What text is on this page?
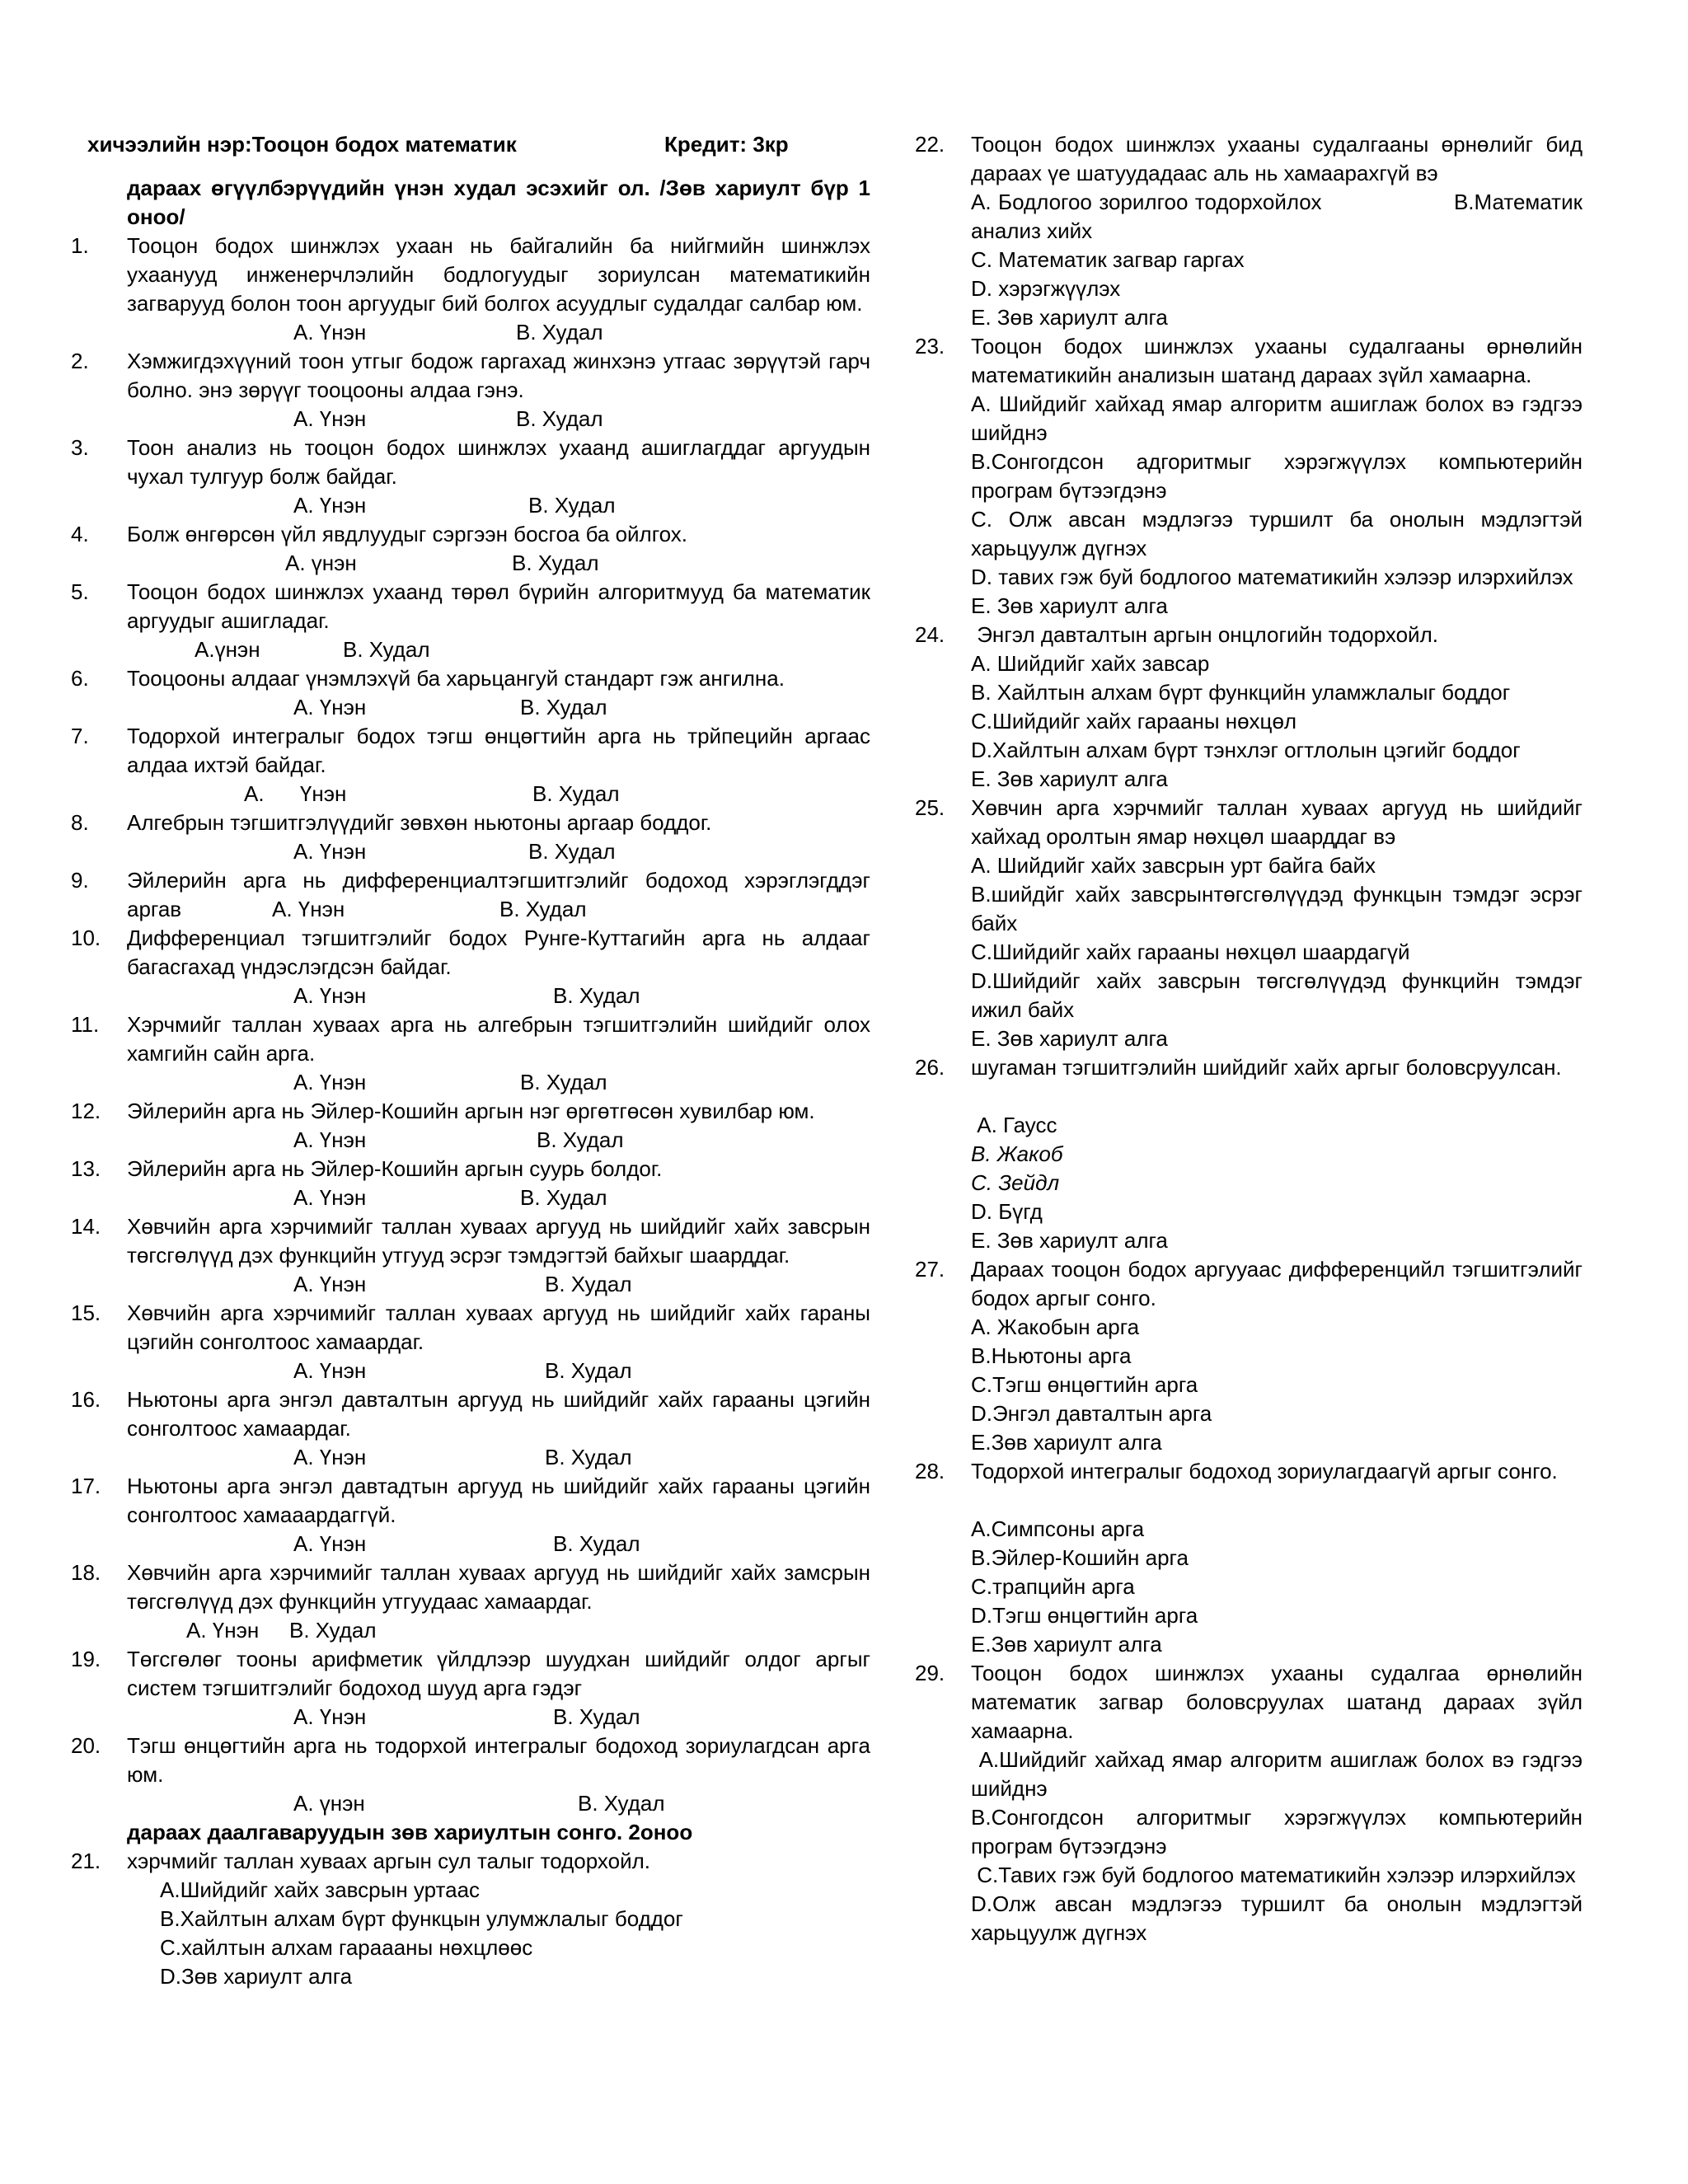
хичээлийн нэр:Тооцон бодох математик	Кредит: 3кр
дараах өгүүлбэрүүдийн үнэн худал эсэхийг ол. /Зөв хариулт бүр 1 оноо/
1.	Тооцон бодох шинжлэх ухаан нь байгалийн ба нийгмийн шинжлэх ухаанууд инженерчлэлийн бодлогуудыг зориулсан математикийн загварууд болон тоон аргуудыг бий болгох асуудлыг судалдаг салбар юм.
A. Үнэн	B. Худал
2.	Хэмжигдэхүүний тоон утгыг бодож гаргахад жинхэнэ утгаас зөрүүтэй гарч болно. энэ зөрүүг тооцооны алдаа гэнэ.
A. Үнэн	B. Худал
3.	Тоон анализ нь тооцон бодох шинжлэх ухаанд ашиглагддаг аргуудын чухал тулгуур болж байдаг.
A. Үнэн	B. Худал
4.	Болж өнгөрсөн үйл явдлуудыг сэргээн босгоа ба ойлгох.
A. үнэн	B. Худал
5.	Тооцон бодох шинжлэх ухаанд төрөл бүрийн алгоритмууд ба математик аргуудыг ашигладаг.
A.үнэн	B. Худал
6.	Тооцооны алдааг үнэмлэхүй ба харьцангуй стандарт гэж ангилна.
A. Үнэн	B. Худал
7.	Тодорхой интегралыг бодох тэгш өнцөгтийн арга нь трйпецийн аргаас алдаа ихтэй байдаг.
A.      Үнэн	B. Худал
8.	Алгебрын тэгшитгэлүүдийг зөвхөн ньютоны аргаар боддог.
A. Үнэн	B. Худал
9.	Эйлерийн арга нь дифференциалтэгшитгэлийг бодоход хэрэглэгддэг аргав	A. Үнэн	B. Худал
10.	Дифференциал тэгшитгэлийг бодох Рунге-Куттагийн арга нь алдааг багасгахад үндэслэгдсэн байдаг.
A. Үнэн	B. Худал
11.	Хэрчмийг таллан хуваах арга нь алгебрын тэгшитгэлийн шийдийг олох хамгийн сайн арга.
A. Үнэн	B. Худал
12.	Эйлерийн арга нь Эйлер-Кошийн аргын нэг өргөтгөсөн хувилбар юм.
A. Үнэн	B. Худал
13.	Эйлерийн арга нь Эйлер-Кошийн аргын суурь болдог.
A. Үнэн	B. Худал
14.	Хөвчийн арга хэрчимийг таллан хуваах аргууд нь шийдийг хайх завсрын төгсгөлүүд дэх функцийн утгууд эсрэг тэмдэгтэй байхыг шаарддаг.
A. Үнэн	B. Худал
15.	Хөвчийн арга хэрчимийг таллан хуваах аргууд нь шийдийг хайх гараны цэгийн сонголтоос хамаардаг.
A. Үнэн	B. Худал
16.	Ньютоны арга энгэл давталтын аргууд нь шийдийг хайх гарааны цэгийн сонголтоос хамаардаг.
A. Үнэн	B. Худал
17.	Ньютоны арга энгэл давтадтын аргууд нь шийдийг хайх гарааны цэгийн сонголтоос хамааардаггүй.
A. Үнэн	B. Худал
18.	Хөвчийн арга хэрчимийг таллан хуваах аргууд нь шийдийг хайх замсрын төгсгөлүүд дэх функцийн утгуудаас хамаардаг.
A. Үнэн B. Худал
19.	Төгсгөлөг тооны арифметик үйлдлээр шуудхан шийдийг олдог аргыг систем тэгшитгэлийг бодоход шууд арга гэдэг
A. Үнэн	B. Худал
20.	Тэгш өнцөгтийн арга нь тодорхой интегралыг бодоход зориулагдсан арга юм.
A. үнэн	B. Худал
дараах даалгаваруудын зөв хариултын сонго. 2оноо
21.	хэрчмийг таллан хуваах аргын сул талыг тодорхойл.
A.Шийдийг хайх завсрын уртаас
B.Хайлтын алхам бүрт функцын улумжлалыг боддог
C.хайлтын алхам гараааны нөхцлөөс
D.Зөв хариулт алга
22.	Тооцон бодох шинжлэх ухааны судалгааны өрнөлийг бид дараах үе шатуудадаас аль нь хамаарахгүй вэ
A. Бодлогоо зорилгоо тодорхойлох                   B.Математик анализ хийх
C. Математик загвар гаргах
D. хэрэгжүүлэх
E. Зөв хариулт алга
23.	Тооцон бодох шинжлэх ухааны судалгааны өрнөлийн математикийн анализын шатанд дараах зүйл хамаарна.
A. Шийдийг хайхад ямар алгоритм ашиглаж болох вэ гэдгээ шийднэ
B.Сонгогдсон адгоритмыг хэрэгжүүлэх компьютерийн програм бүтээгдэнэ
C. Олж авсан мэдлэгээ туршилт ба онолын мэдлэгтэй харьцуулж дүгнэх
D. тавих гэж буй бодлогоо математикийн хэлээр илэрхийлэх
E. Зөв хариулт алга
24.	Энгэл давталтын аргын онцлогийн тодорхойл.
A. Шийдийг хайх завсар
B. Хайлтын алхам бүрт функцийн уламжлалыг боддог
C.Шийдийг хайх гарааны нөхцөл
D.Хайлтын алхам бүрт тэнхлэг огтлолын цэгийг боддог
E. Зөв хариулт алга
25.	Хөвчин арга хэрчмийг таллан хуваах аргууд нь шийдийг хайхад оролтын ямар нөхцөл шаарддаг вэ
A. Шийдийг хайх завсрын урт байга байх
B.шийдйг хайх завсрынтөгсгөлүүдэд функцын тэмдэг эсрэг байх
C.Шийдийг хайх гарааны нөхцөл шаардагүй
D.Шийдийг хайх завсрын төгсгөлүүдэд функцийн тэмдэг ижил байх
E. Зөв хариулт алга
26.	шугаман тэгшитгэлийн шийдийг хайх аргыг боловсруулсан.
A. Гаусс
B. Жакоб
C. Зейдл
D. Бүгд
E. Зөв хариулт алга
27.	Дараах тооцон бодох аргууаас дифференцийл тэгшитгэлийг бодох аргыг сонго.
A. Жакобын арга
B.Ньютоны арга
C.Тэгш өнцөгтийн арга
D.Энгэл давталтын арга
E.Зөв хариулт алга
28.	Тодорхой интегралыг бодоход зориулагдаагүй аргыг сонго.
A.Симпсоны арга
B.Эйлер-Кошийн арга
C.трапцийн арга
D.Тэгш өнцөгтийн арга
E.Зөв хариулт алга
29.	Тооцон бодох шинжлэх ухааны судалгаа өрнөлийн математик загвар боловсруулах шатанд дараах зүйл хамаарна.
A.Шийдийг хайхад ямар алгоритм ашиглаж болох вэ гэдгээ шийднэ
B.Сонгогдсон алгоритмыг хэрэгжүүлэх компьютерийн програм бүтээгдэнэ
C.Тавих гэж буй бодлогоо математикийн хэлээр илэрхийлэх
D.Олж авсан мэдлэгээ туршилт ба онолын мэдлэгтэй харьцуулж дүгнэх
